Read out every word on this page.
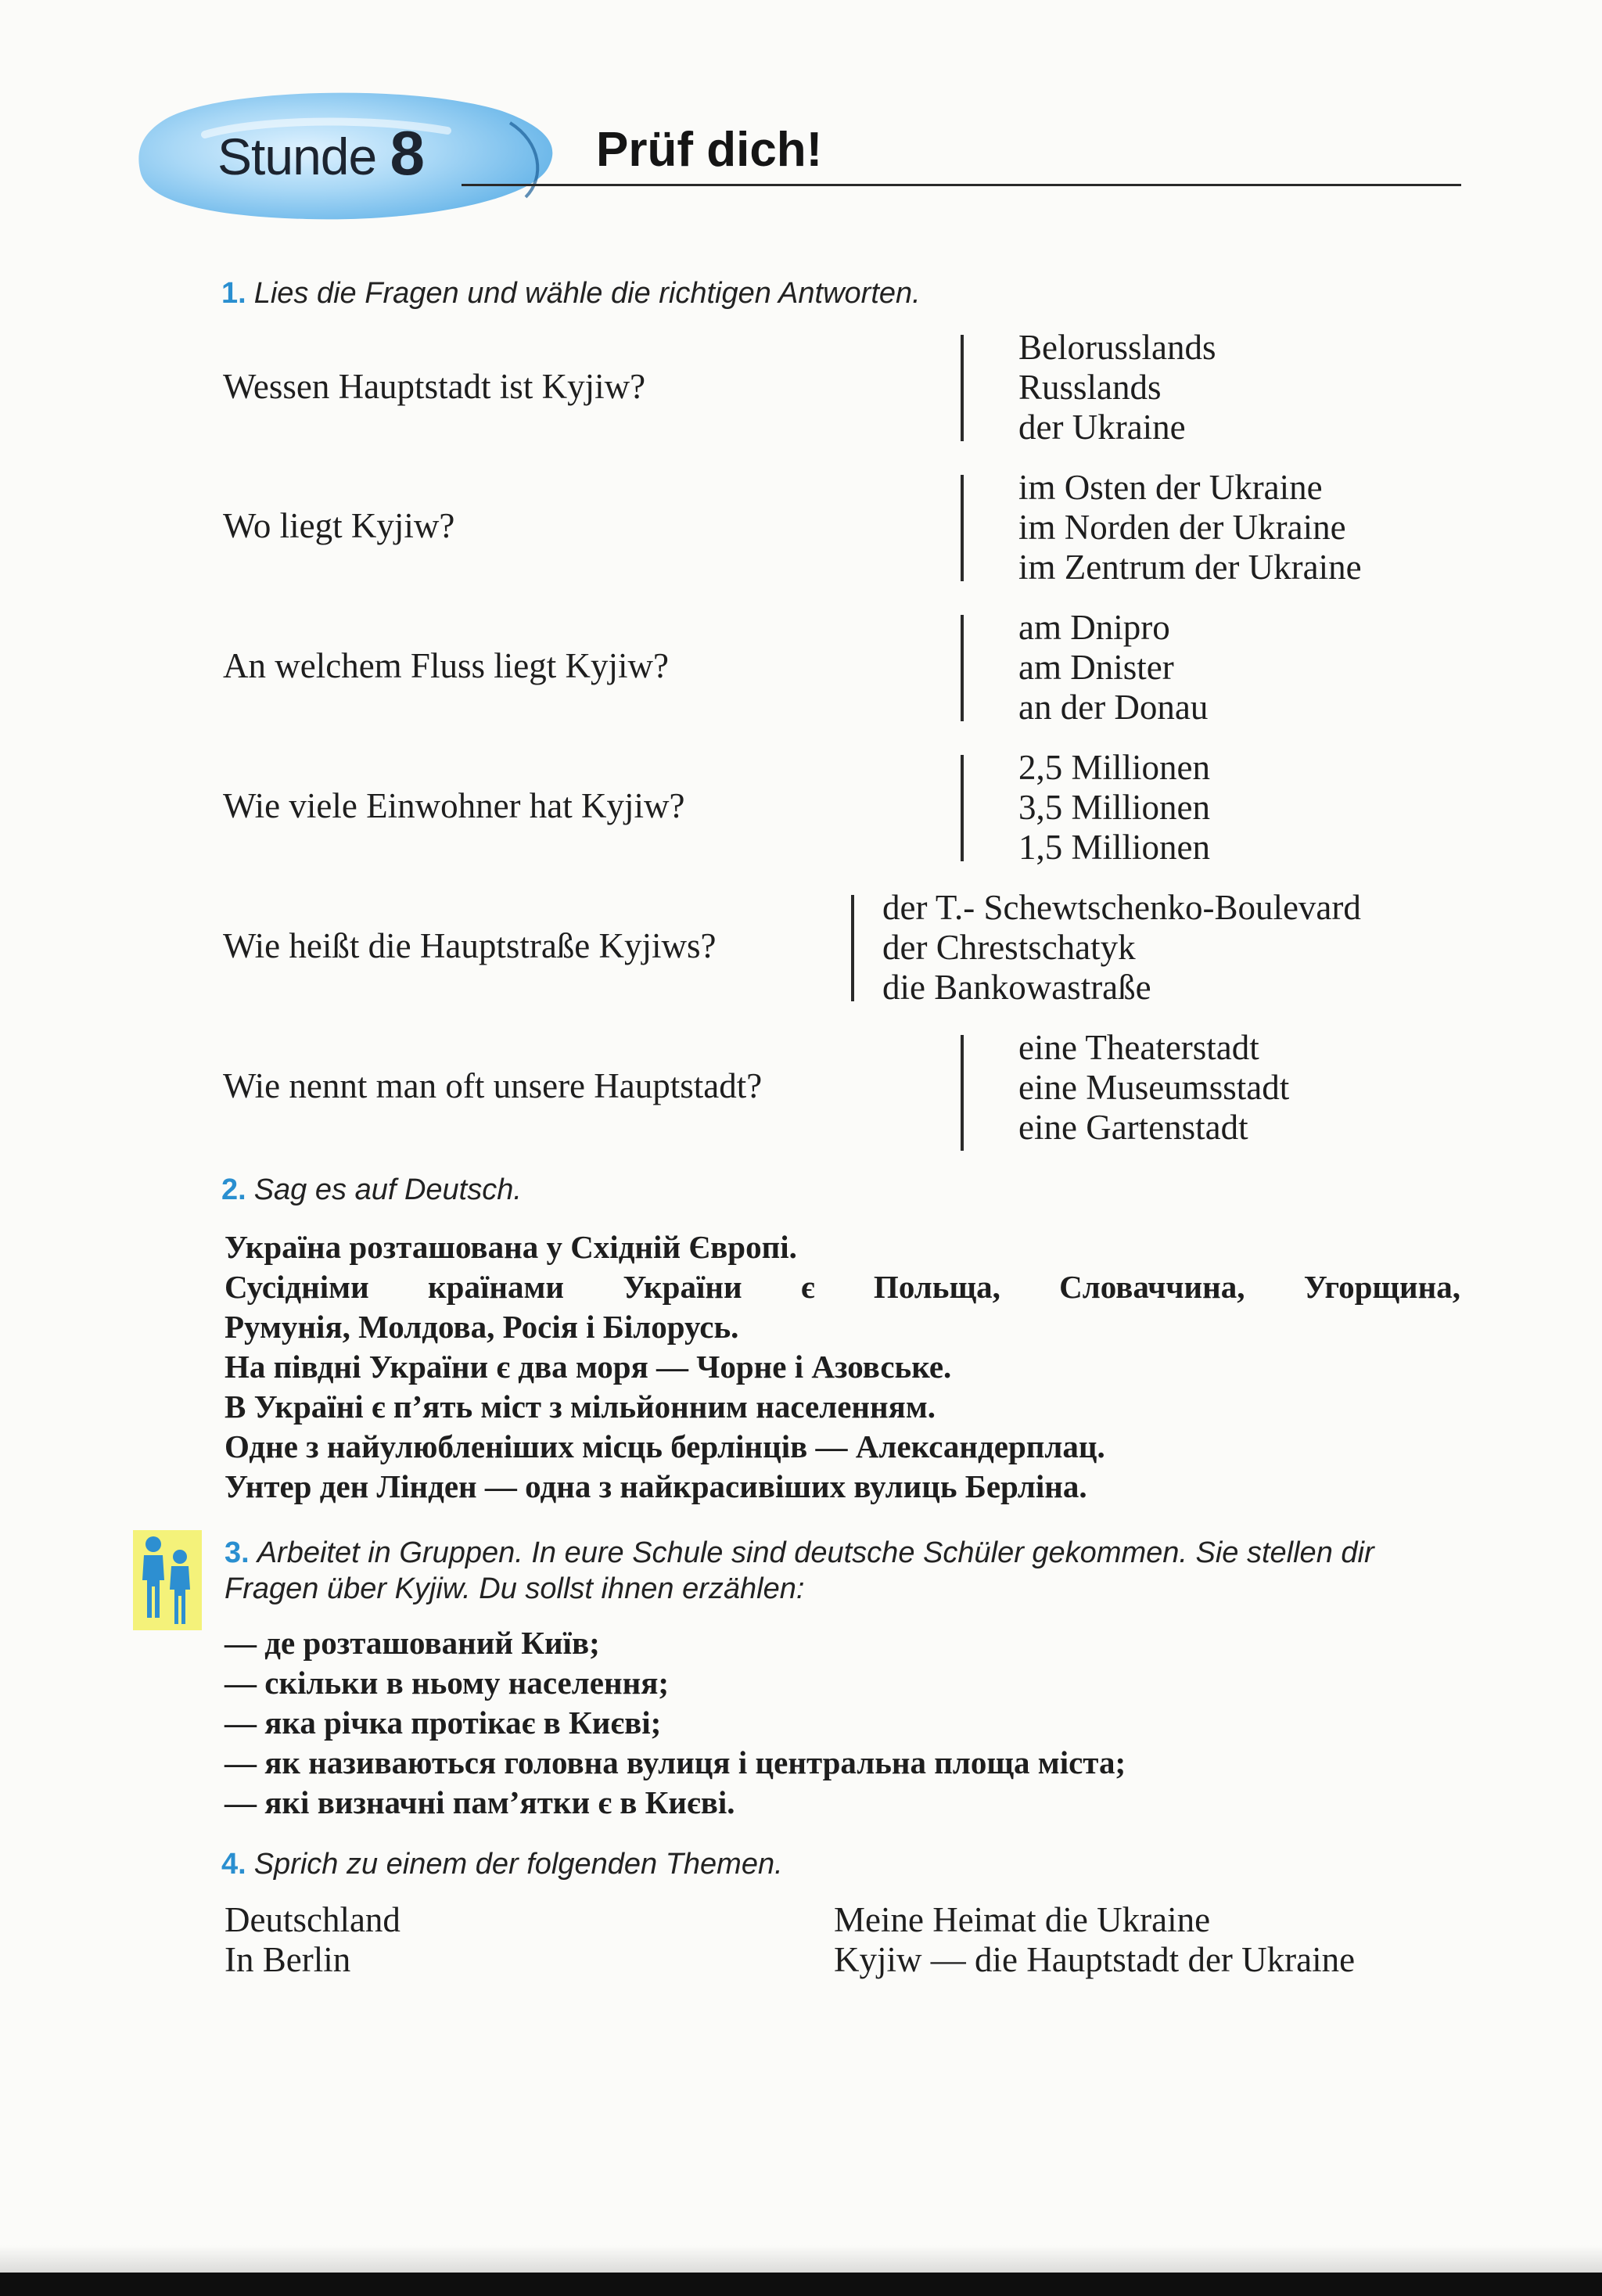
Stunde 8	Prüf dich!
1. Lies die Fragen und wähle die richtigen Antworten.
Wessen Hauptstadt ist Kyjiw?
Belorusslands
Russlands
der Ukraine
Wo liegt Kyjiw?
im Osten der Ukraine
im Norden der Ukraine
im Zentrum der Ukraine
An welchem Fluss liegt Kyjiw?
am Dnipro
am Dnister
an der Donau
Wie viele Einwohner hat Kyjiw?
2,5 Millionen
3,5 Millionen
1,5 Millionen
Wie heißt die Hauptstraße Kyjiws?
der T.- Schewtschenko-Boulevard
der Chrestschatyk
die Bankowastraße
Wie nennt man oft unsere Hauptstadt?
eine Theaterstadt
eine Museumsstadt
eine Gartenstadt
2. Sag es auf Deutsch.
Україна розташована у Східній Європі.
Сусідніми країнами України є Польща, Словаччина, Угорщина,
Румунія, Молдова, Росія і Білорусь.
На півдні України є два моря — Чорне і Азовське.
В Україні є п’ять міст з мільйонним населенням.
Одне з найулюбленіших місць берлінців — Александерплац.
Унтер ден Лінден — одна з найкрасивіших вулиць Берліна.
3. Arbeitet in Gruppen. In eure Schule sind deutsche Schüler gekommen. Sie stellen dir Fragen über Kyjiw. Du sollst ihnen erzählen:
— де розташований Київ;
— скільки в ньому населення;
— яка річка протікає в Києві;
— як називаються головна вулиця і центральна площа міста;
— які визначні пам’ятки є в Києві.
4. Sprich zu einem der folgenden Themen.
Deutschland
In Berlin
Meine Heimat die Ukraine
Kyjiw — die Hauptstadt der Ukraine
